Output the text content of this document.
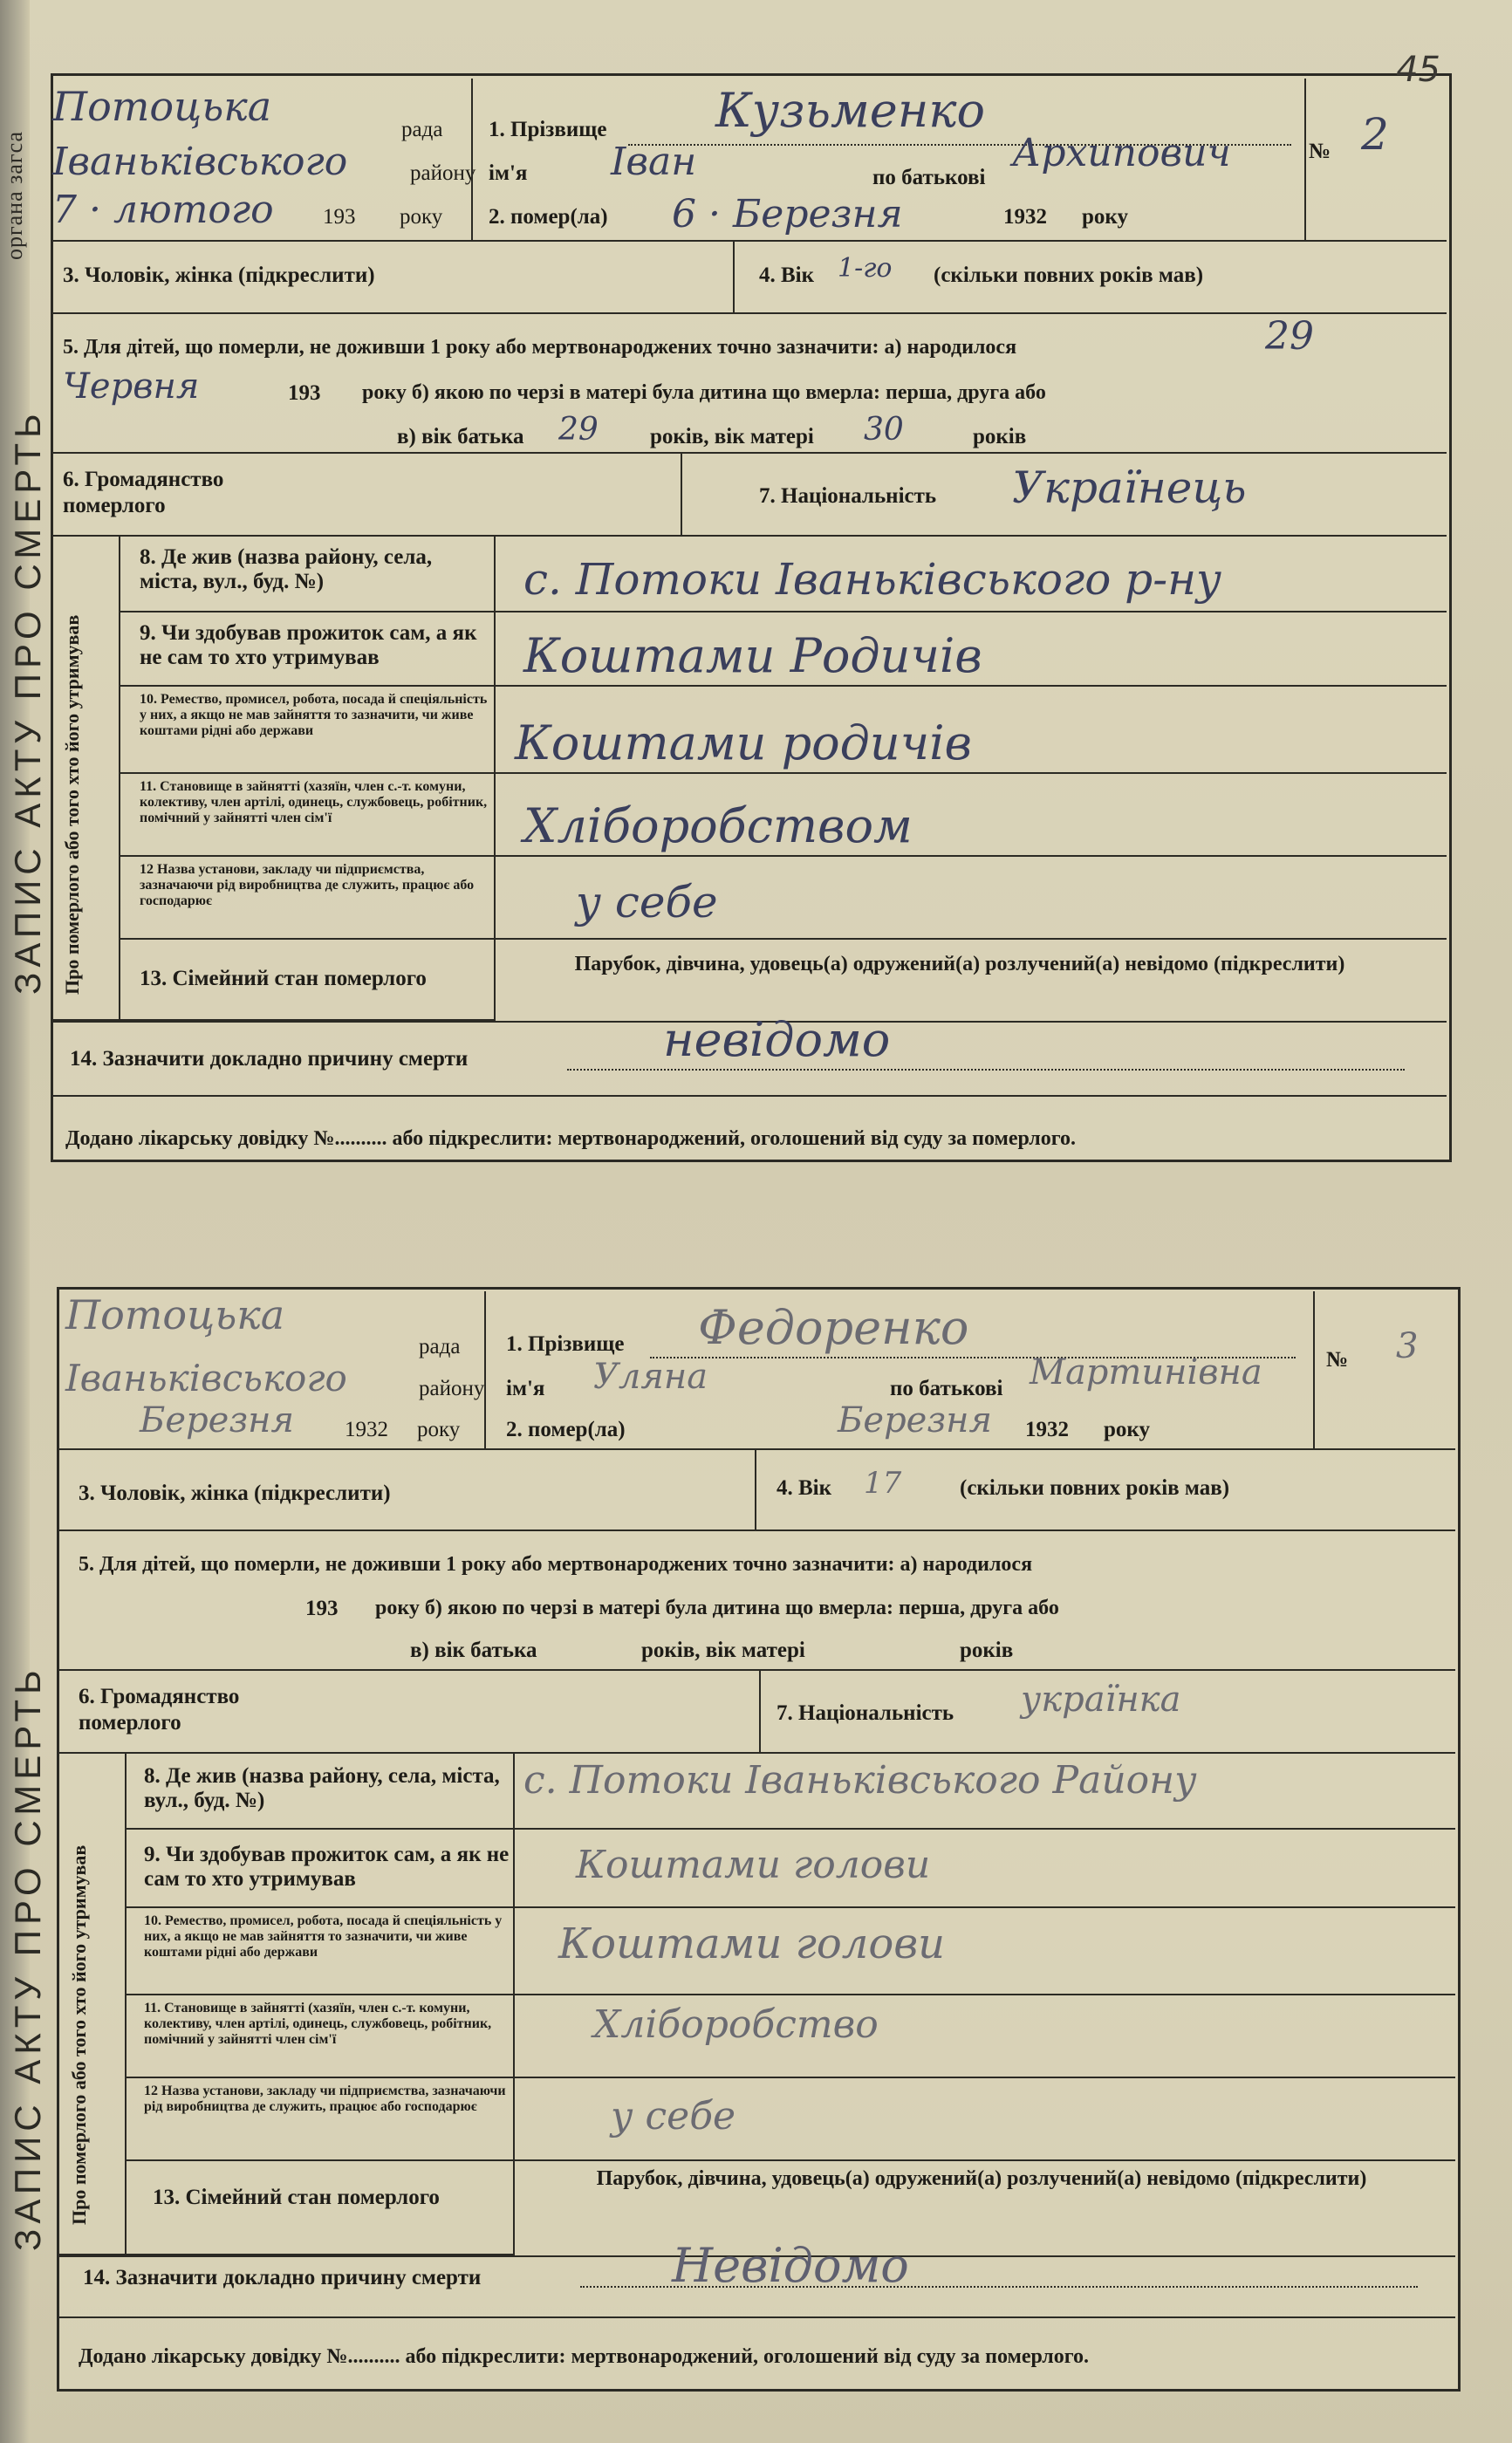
органа загса
45
ЗАПИС АКТУ ПРО СМЕРТЬ
Потоцька	рада
Іваньківського	району
7 · лютого 193 року
1. Прізвище Кузьменко
ім'я Іван	по батькові
Архипович
2. помер(ла) 6 · Березня	1932 року
№ 2
3. Чоловік, жінка (підкреслити)	4. Вік 1-го (скільки повних років мав)
5. Для дітей, що померли, не доживши 1 року або мертвонароджених точно зазначити: а) народилося	29
Червня	193 року б) якою по черзі в матері була дитина що вмерла: перша, друга або
в) вік батька 29 років, вік матері 30	років
6. Громадянство померлого	7. Національність Українець
Про померлого або того хто його утримував
8. Де жив (назва району, села, міста, вул., буд. №)	с. Потоки Іваньківського р-ну
9. Чи здобував прожиток сам, а як не сам то хто утримував	Коштами Родичів
10. Ремество, промисел, робота, посада й спеціяльність у них, а якщо не мав зайняття то зазначити, чи живе коштами рідні або держави	Коштами родичів
11. Становище в зайнятті (хазяїн, член с.-т. комуни, колективу, член артілі, одинець, службовець, робітник, помічний у зайнятті член сім'ї	Хліборобством
12 Назва установи, закладу чи підприємства, зазначаючи рід виробництва де служить, працює або господарює	у себе
13. Сімейний стан померлого
Парубок, дівчина, удовець(а) одружений(а) розлучений(а) невідомо (підкреслити)
14. Зазначити докладно причину смерти	невідомо
Додано лікарську довідку №.......... або підкреслити: мертвонароджений, оголошений від суду за померлого.
ЗАПИС АКТУ ПРО СМЕРТЬ
Потоцька
рада
Іваньківського	району
Березня 1932 року
1. Прізвище Федоренко
ім'я Уляна	по батькові Мартинівна
2. помер(ла)	Березня 1932 року
№ 3
3. Чоловік, жінка (підкреслити)	4. Вік 17	(скільки повних років мав)
5. Для дітей, що померли, не доживши 1 року або мертвонароджених точно зазначити: а) народилося
193 року б) якою по черзі в матері була дитина що вмерла: перша, друга або
в) вік батька	років, вік матері	років
6. Громадянство померлого	7. Національність українка
Про померлого або того хто його утримував
8. Де жив (назва району, села, міста, вул., буд. №)	с. Потоки Іваньківського Району
9. Чи здобував прожиток сам, а як не сам то хто утримував	Коштами голови
10. Ремество, промисел, робота, посада й спеціяльність у них, а якщо не мав зайняття то зазначити, чи живе коштами рідні або держави	Коштами голови
11. Становище в зайнятті (хазяїн, член с.-т. комуни, колективу, член артілі, одинець, службовець, робітник, помічний у зайнятті член сім'ї	Хліборобство
12 Назва установи, закладу чи підприємства, зазначаючи рід виробництва де служить, працює або господарює	у себе
13. Сімейний стан померлого
Парубок, дівчина, удовець(а) одружений(а) розлучений(а) невідомо (підкреслити)
14. Зазначити докладно причину смерти	Невідомо
Додано лікарську довідку №.......... або підкреслити: мертвонароджений, оголошений від суду за померлого.
